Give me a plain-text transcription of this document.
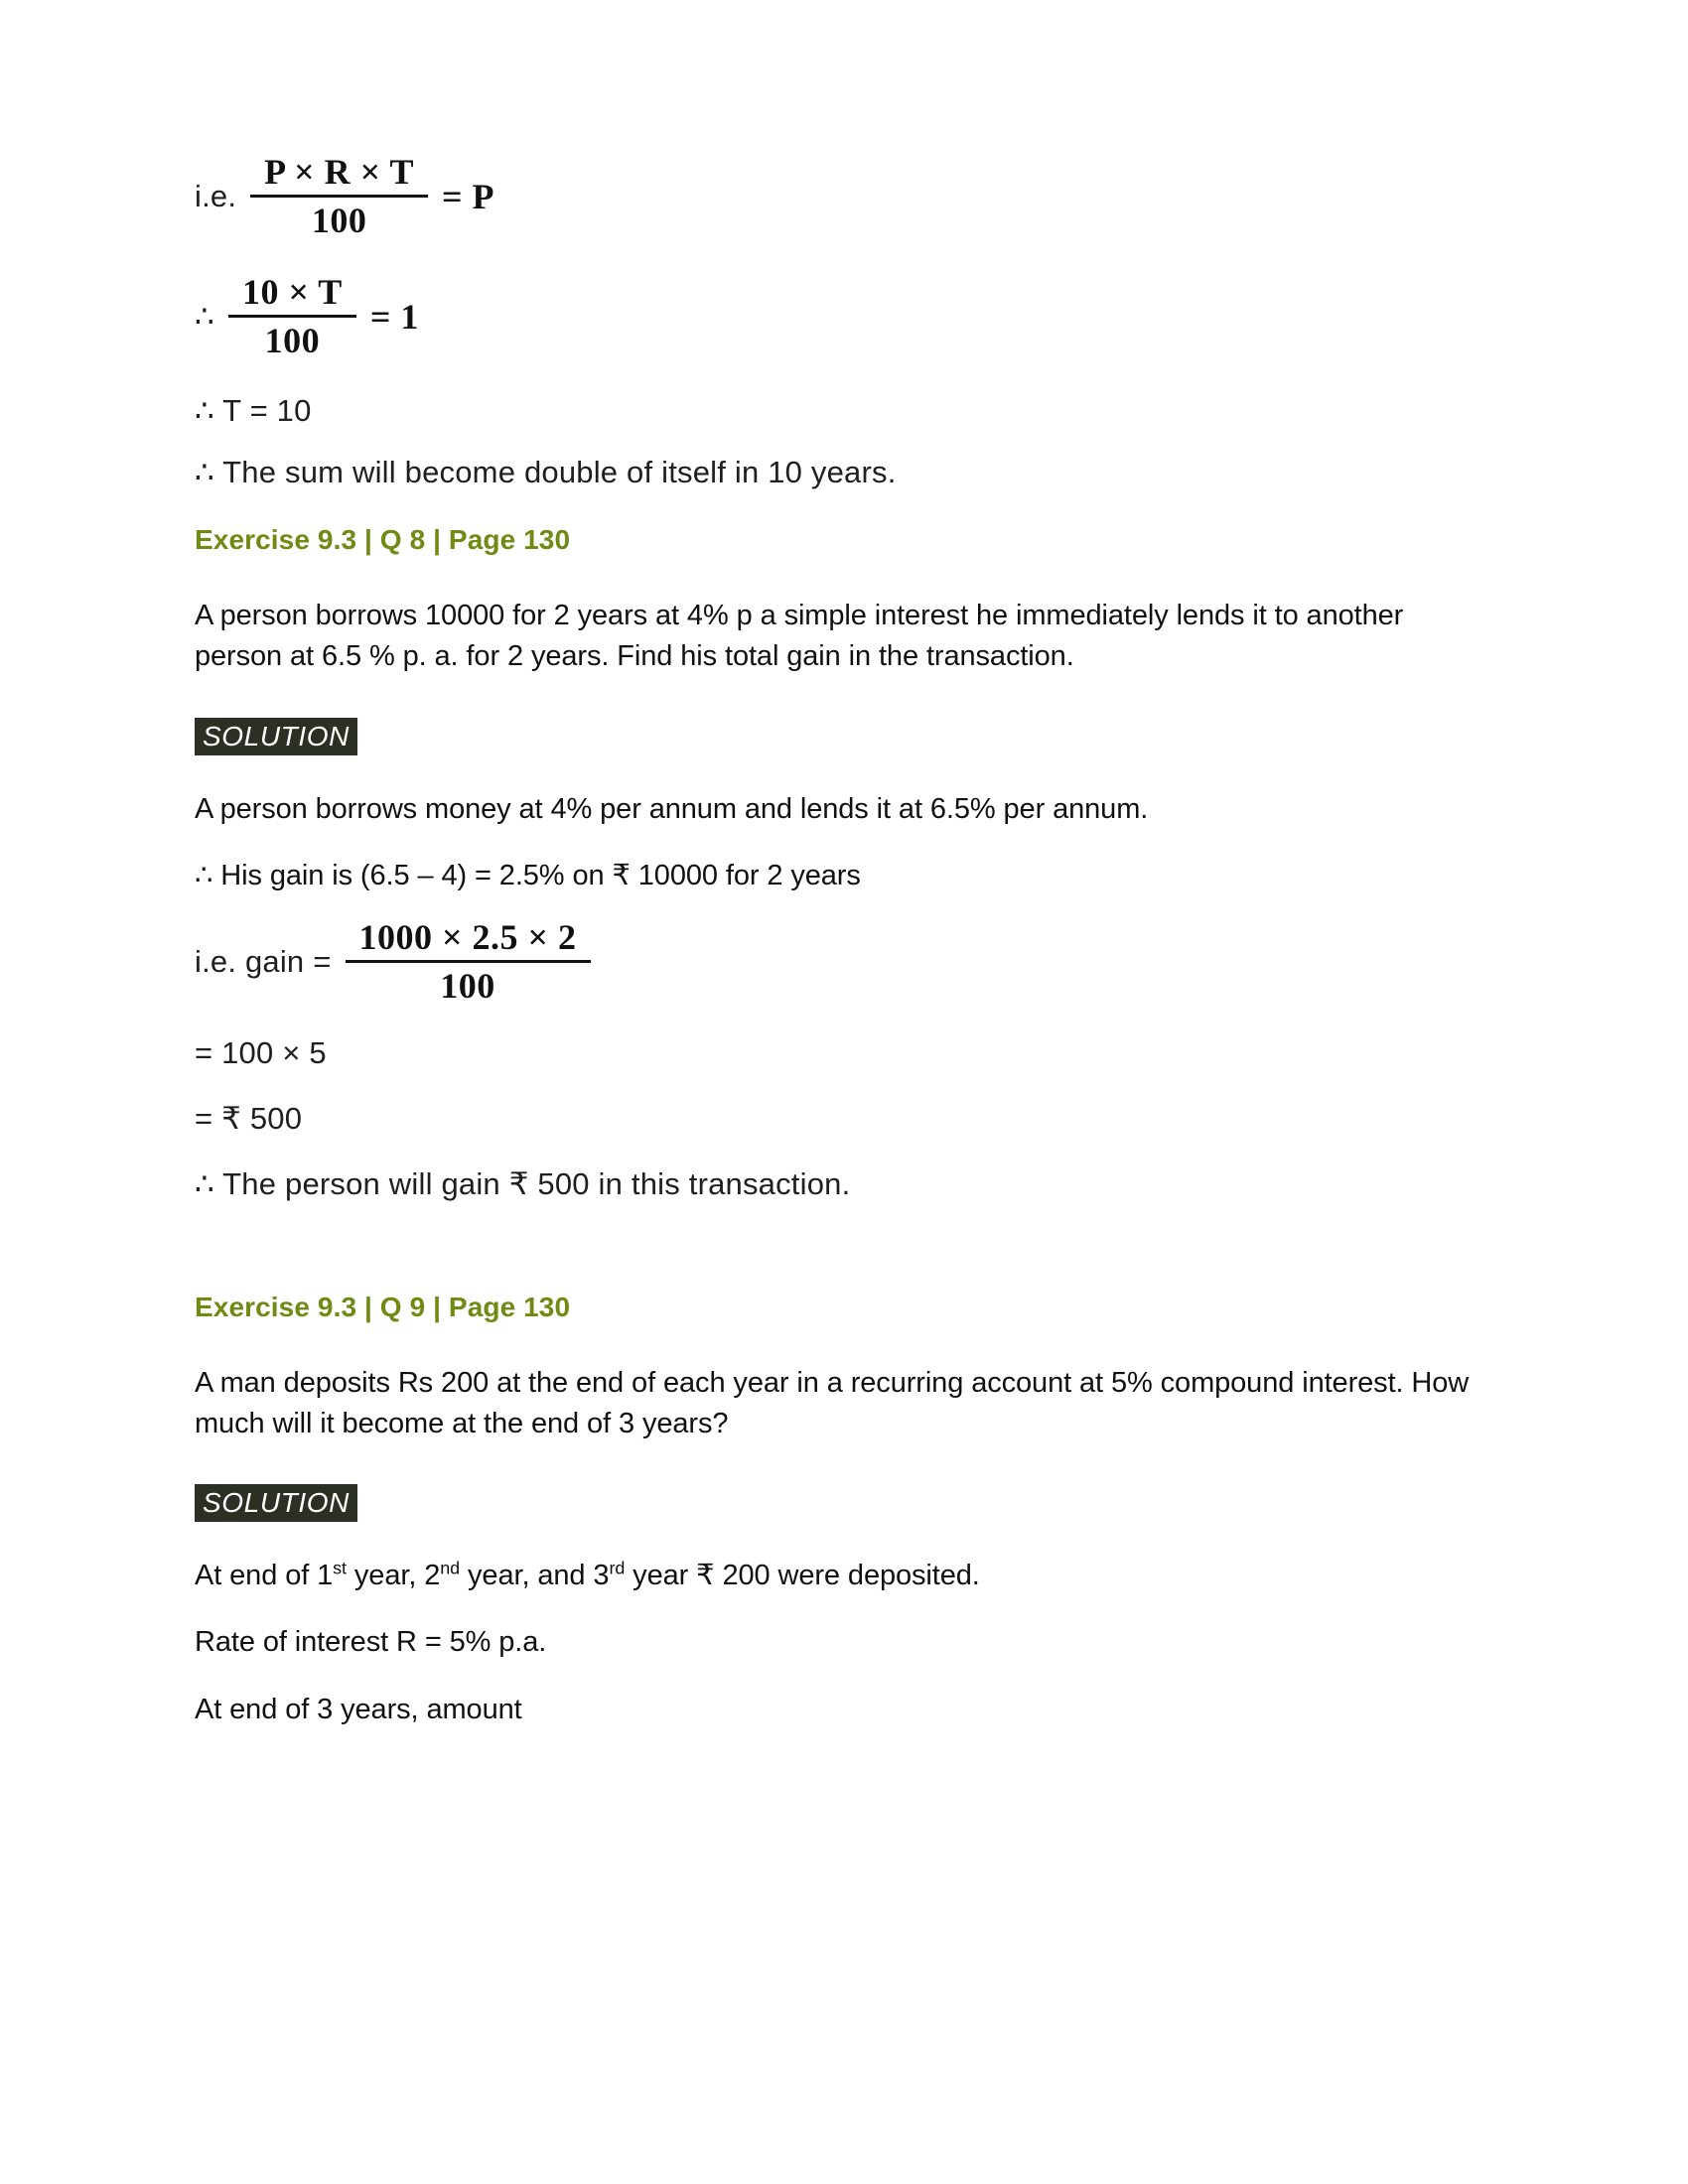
i.e. $\frac{P \times R \times T}{100} = P$
∴ $\frac{10 \times T}{100} = 1$
∴ T = 10
∴ The sum will become double of itself in 10 years.
Exercise 9.3 | Q 8 | Page 130
A person borrows 10000 for 2 years at 4% p a simple interest he immediately lends it to another person at 6.5 % p. a. for 2 years. Find his total gain in the transaction.
SOLUTION
A person borrows money at 4% per annum and lends it at 6.5% per annum.
∴ His gain is (6.5 – 4) = 2.5% on ₹ 10000 for 2 years
i.e. gain = $\frac{1000 \times 2.5 \times 2}{100}$
= 100 × 5
= ₹ 500
∴ The person will gain ₹ 500 in this transaction.
Exercise 9.3 | Q 9 | Page 130
A man deposits Rs 200 at the end of each year in a recurring account at 5% compound interest. How much will it become at the end of 3 years?
SOLUTION
At end of 1st year, 2nd year, and 3rd year ₹ 200 were deposited.
Rate of interest R = 5% p.a.
At end of 3 years, amount
